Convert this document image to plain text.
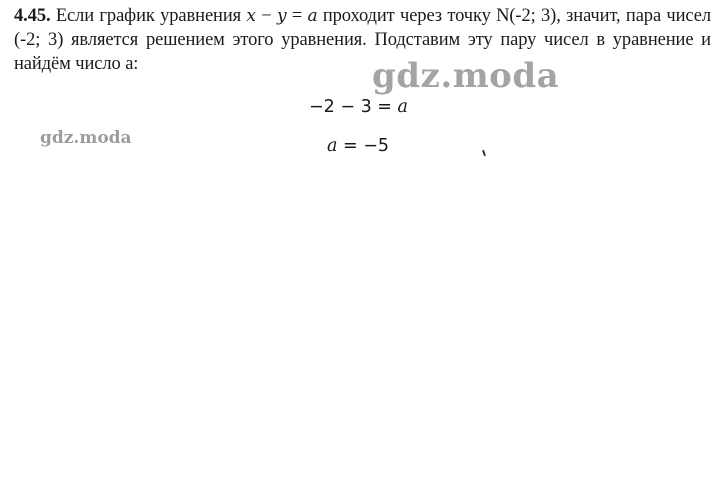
4.45. Если график уравнения x − y = a проходит через точку N(-2; 3), значит, пара чисел (-2; 3) является решением этого уравнения. Подставим эту пару чисел в уравнение и найдём число а:
−2 − 3 = a
a = −5
gdz.moda
gdz.moda
